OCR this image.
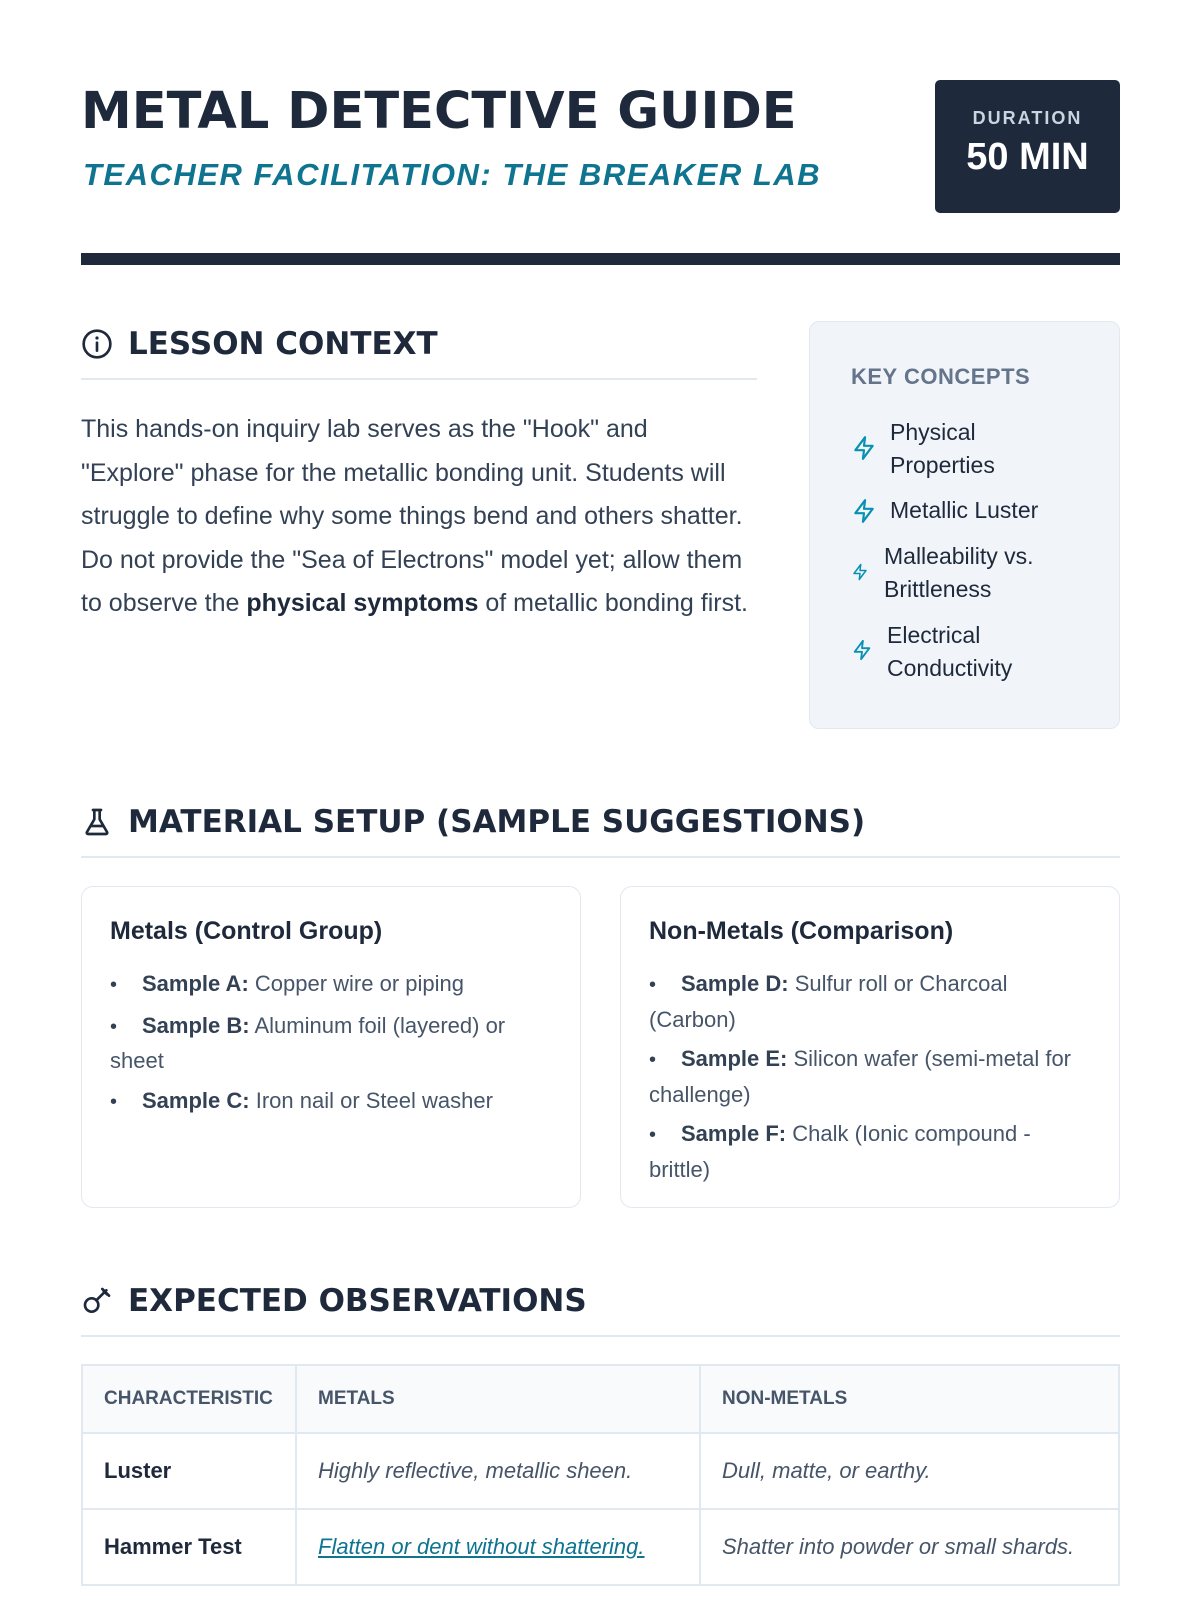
METAL DETECTIVE GUIDE
TEACHER FACILITATION: THE BREAKER LAB
DURATION
50 MIN
LESSON CONTEXT

This hands-on inquiry lab serves as the "Hook" and "Explore" phase for the metallic bonding unit. Students will struggle to define why some things bend and others shatter. Do not provide the "Sea of Electrons" model yet; allow them to observe the physical symptoms of metallic bonding first.

KEY CONCEPTS
Physical
Properties
Metallic Luster
Malleability vs.
Brittleness
Electrical
Conductivity
MATERIAL SETUP (SAMPLE SUGGESTIONS)
Metals (Control Group)
• Sample A: Copper wire or piping
• Sample B: Aluminum foil (layered) or sheet
• Sample C: Iron nail or Steel washer
Non-Metals (Comparison)
• Sample D: Sulfur roll or Charcoal (Carbon)
• Sample E: Silicon wafer (semi-metal for challenge)
• Sample F: Chalk (Ionic compound - brittle)
EXPECTED OBSERVATIONS
CHARACTERISTIC	METALS	NON-METALS
Luster	Highly reflective, metallic sheen.	Dull, matte, or earthy.
Hammer Test	Flatten or dent without shattering.	Shatter into powder or small shards.
